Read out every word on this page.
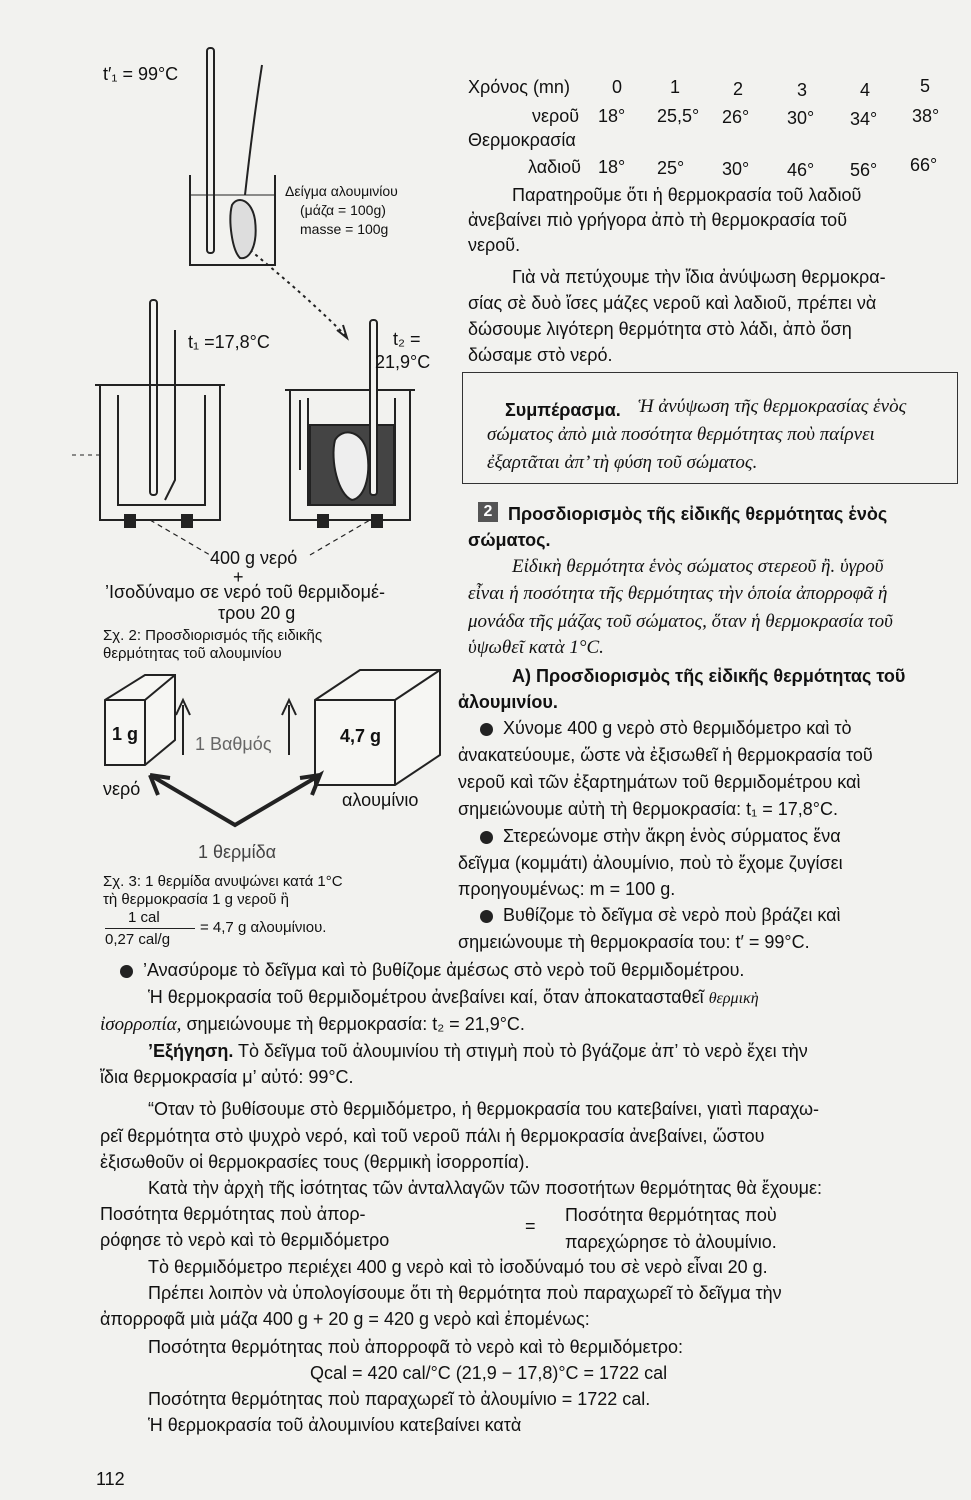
t′₁ = 99°C
Δείγμα αλουμινίου
(μάζα = 100g)
masse = 100g
t₁ =17,8°C	t₂ =
21,9°C
400 g νερό
+
’Ισοδύναμο σε νερό τοῦ θερμιδομέ-
τρου 20 g
Σχ. 2: Προσδιορισμός τῆς ειδικῆς
θερμότητας τοῦ αλουμινίου
1 g	4,7 g
1 Βαθμός
νερό
αλουμίνιο
1 θερμίδα
Σχ. 3: 1 θερμίδα ανυψώνει κατά 1°C
τὴ θερμοκρασία 1 g νεροῦ ἢ
1 cal
0,27 cal/g
= 4,7 g αλουμίνιου.
Χρόνος (mn) 0	1	2	3	4	5
νεροῦ 18° 25,5° 26° 30° 34° 38°
Θερμοκρασία
λαδιοῦ 18° 25° 30° 46° 56° 66°
Παρατηροῦμε ὅτι ἡ θερμοκρασία τοῦ λαδιοῦ
ἀνεβαίνει πιὸ γρήγορα ἀπὸ τὴ θερμοκρασία τοῦ
νεροῦ.
Γιὰ νὰ πετύχουμε τὴν ἴδια ἀνύψωση θερμοκρα-
σίας σὲ δυὸ ἴσες μάζες νεροῦ καὶ λαδιοῦ, πρέπει νὰ
δώσουμε λιγότερη θερμότητα στὸ λάδι, ἀπὸ ὅση
δώσαμε στὸ νερό.
Συμπέρασμα. Ἡ ἀνύψωση τῆς θερμοκρασίας ἑνὸς
σώματος ἀπὸ μιὰ ποσότητα θερμότητας ποὺ παίρνει
ἐξαρτᾶται ἀπ’ τὴ φύση τοῦ σώματος.
2 Προσδιορισμὸς τῆς εἰδικῆς θερμότητας ἑνὸς
σώματος.
Εἰδικὴ θερμότητα ἑνὸς σώματος στερεοῦ ἢ. ὑγροῦ
εἶναι ἡ ποσότητα τῆς θερμότητας τὴν ὁποία ἀπορροφᾶ ἡ
μονάδα τῆς μάζας τοῦ σώματος, ὅταν ἡ θερμοκρασία τοῦ
ὑψωθεῖ κατὰ 1°C.
Α) Προσδιορισμὸς τῆς εἰδικῆς θερμότητας τοῦ
ἀλουμινίου.
Χύνομε 400 g νερὸ στὸ θερμιδόμετρο καὶ τὸ
ἀνακατεύουμε, ὥστε νὰ ἐξισωθεῖ ἡ θερμοκρασία τοῦ
νεροῦ καὶ τῶν ἐξαρτημάτων τοῦ θερμιδομέτρου καὶ
σημειώνουμε αὐτὴ τὴ θερμοκρασία: t₁ = 17,8°C.
Στερεώνομε στὴν ἄκρη ἑνὸς σύρματος ἕνα
δεῖγμα (κομμάτι) ἀλουμίνιο, ποὺ τὸ ἔχομε ζυγίσει
προηγουμένως: m = 100 g.
Βυθίζομε τὸ δεῖγμα σὲ νερὸ ποὺ βράζει καὶ
σημειώνουμε τὴ θερμοκρασία του: t′ = 99°C.
’Ανασύρομε τὸ δεῖγμα καὶ τὸ βυθίζομε ἀμέσως στὸ νερὸ τοῦ θερμιδομέτρου.
Ἡ θερμοκρασία τοῦ θερμιδομέτρου ἀνεβαίνει καί, ὅταν ἀποκατασταθεῖ θερμικὴ
ἰσορροπία, σημειώνουμε τὴ θερμοκρασία: t₂ = 21,9°C.
’Εξήγηση. Τὸ δεῖγμα τοῦ ἀλουμινίου τὴ στιγμὴ ποὺ τὸ βγάζομε ἀπ’ τὸ νερὸ ἔχει τὴν
ἴδια θερμοκρασία μ’ αὐτό: 99°C.
“Οταν τὸ βυθίσουμε στὸ θερμιδόμετρο, ἡ θερμοκρασία του κατεβαίνει, γιατὶ παραχω-
ρεῖ θερμότητα στὸ ψυχρὸ νερό, καὶ τοῦ νεροῦ πάλι ἡ θερμοκρασία ἀνεβαίνει, ὥστου
ἐξισωθοῦν οἱ θερμοκρασίες τους (θερμικὴ ἰσορροπία).
Κατὰ τὴν ἀρχὴ τῆς ἰσότητας τῶν ἀνταλλαγῶν τῶν ποσοτήτων θερμότητας θὰ ἔχουμε:
Ποσότητα θερμότητας ποὺ ἀπορ-
ρόφησε τὸ νερὸ καὶ τὸ θερμιδόμετρο
=
Ποσότητα θερμότητας ποὺ
παρεχώρησε τὸ ἀλουμίνιο.
Τὸ θερμιδόμετρο περιέχει 400 g νερὸ καὶ τὸ ἰσοδύναμό του σὲ νερὸ εἶναι 20 g.
Πρέπει λοιπὸν νὰ ὑπολογίσουμε ὅτι τὴ θερμότητα ποὺ παραχωρεῖ τὸ δεῖγμα τὴν
ἀπορροφᾶ μιὰ μάζα 400 g + 20 g = 420 g νερὸ καὶ ἐπομένως:
Ποσότητα θερμότητας ποὺ ἀπορροφᾶ τὸ νερὸ καὶ τὸ θερμιδόμετρο:
Qcal = 420 cal/°C (21,9 − 17,8)°C = 1722 cal
Ποσότητα θερμότητας ποὺ παραχωρεῖ τὸ ἀλουμίνιο = 1722 cal.
Ἡ θερμοκρασία τοῦ ἀλουμινίου κατεβαίνει κατὰ
112
